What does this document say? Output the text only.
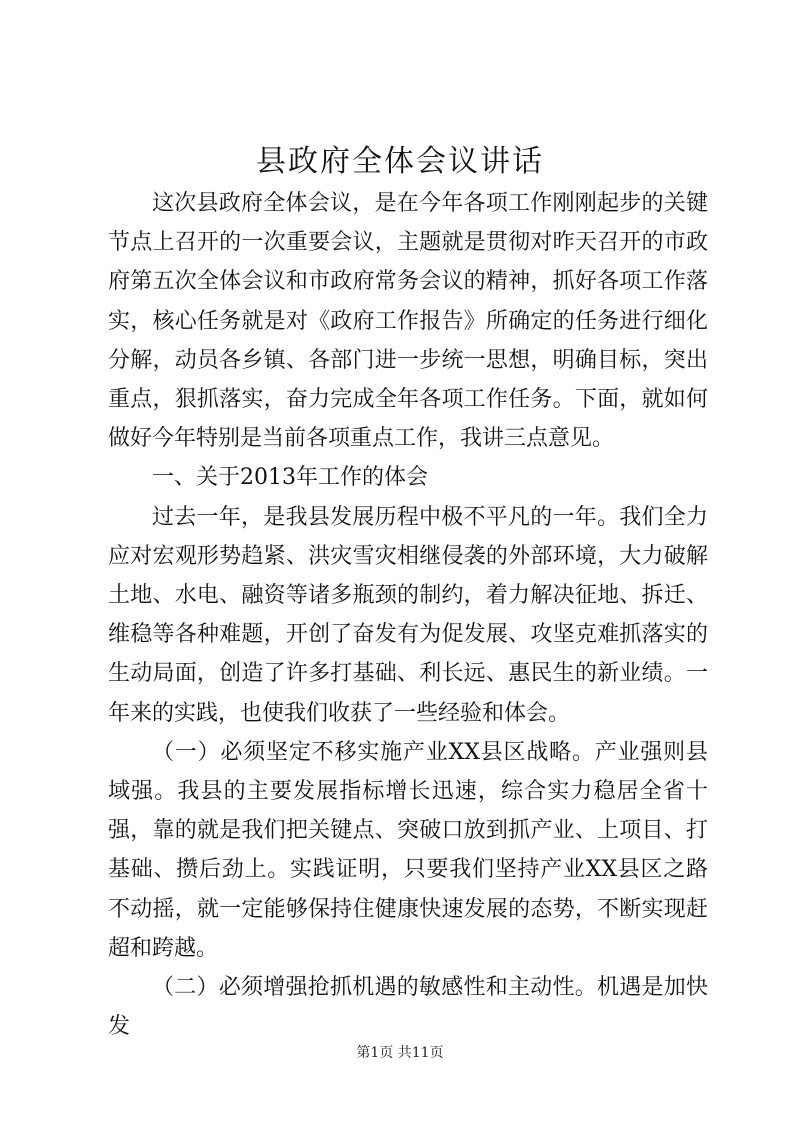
县政府全体会议讲话

这次县政府全体会议，是在今年各项工作刚刚起步的关键节点上召开的一次重要会议，主题就是贯彻对昨天召开的市政府第五次全体会议和市政府常务会议的精神，抓好各项工作落实，核心任务就是对《政府工作报告》所确定的任务进行细化分解，动员各乡镇、各部门进一步统一思想，明确目标，突出重点，狠抓落实，奋力完成全年各项工作任务。下面，就如何做好今年特别是当前各项重点工作，我讲三点意见。

一、关于2013年工作的体会

过去一年，是我县发展历程中极不平凡的一年。我们全力应对宏观形势趋紧、洪灾雪灾相继侵袭的外部环境，大力破解土地、水电、融资等诸多瓶颈的制约，着力解决征地、拆迁、维稳等各种难题，开创了奋发有为促发展、攻坚克难抓落实的生动局面，创造了许多打基础、利长远、惠民生的新业绩。一年来的实践，也使我们收获了一些经验和体会。

（一）必须坚定不移实施产业XX县区战略。产业强则县域强。我县的主要发展指标增长迅速，综合实力稳居全省十强，靠的就是我们把关键点、突破口放到抓产业、上项目、打基础、攒后劲上。实践证明，只要我们坚持产业XX县区之路不动摇，就一定能够保持住健康快速发展的态势，不断实现赶超和跨越。

（二）必须增强抢抓机遇的敏感性和主动性。机遇是加快发

第1页 共11页
